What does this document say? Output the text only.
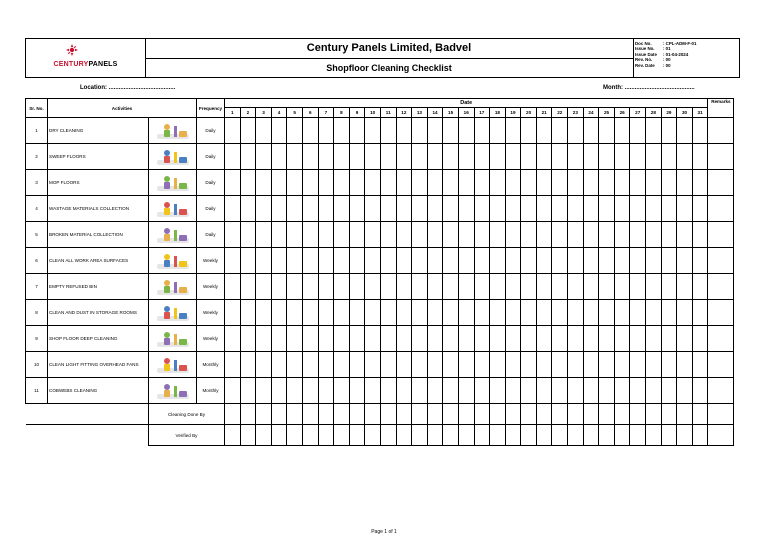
CENTURYPANELS
Century Panels Limited, Badvel
Shopfloor Cleaning Checklist
Doc No.	: CPL-ADM-F-01
Issue No.	: 01
Issue Date	: 01-04-2024
Rev. No.	: 00
Rev. Date	: 00
Location: ........................................	Month: ..........................................
Sr. No.	Activities		Frequency	Date																															Remarks
				1	2	3	4	5	6	7	8	9	10	11	12	13	14	15	16	17	18	19	20	21	22	23	24	25	26	27	28	29	30	31	
1	DRY CLEANING		Daily																																
2	SWEEP FLOORS		Daily																																
3	MOP FLOORS		Daily																																
4	WASTAGE MATERIALS COLLECTION		Daily																																
5	BROKEN MATERIAL COLLECTION		Daily																																
6	CLEAN ALL WORK AREA SURFACES		Weekly																																
7	EMPTY REFUSED BIN		Weekly																																
8	CLEAN AND DUST IN STORAGE ROOMS		Weekly																																
9	SHOP FLOOR DEEP CLEANING		Weekly																																
10	CLEAN LIGHT FITTING OVERHEAD FANS		Monthly																																
11	COBWEBS CLEANING		Monthly																																
		Cleaning Done By																																	
		Verified By																																	
Page 1 of 1
